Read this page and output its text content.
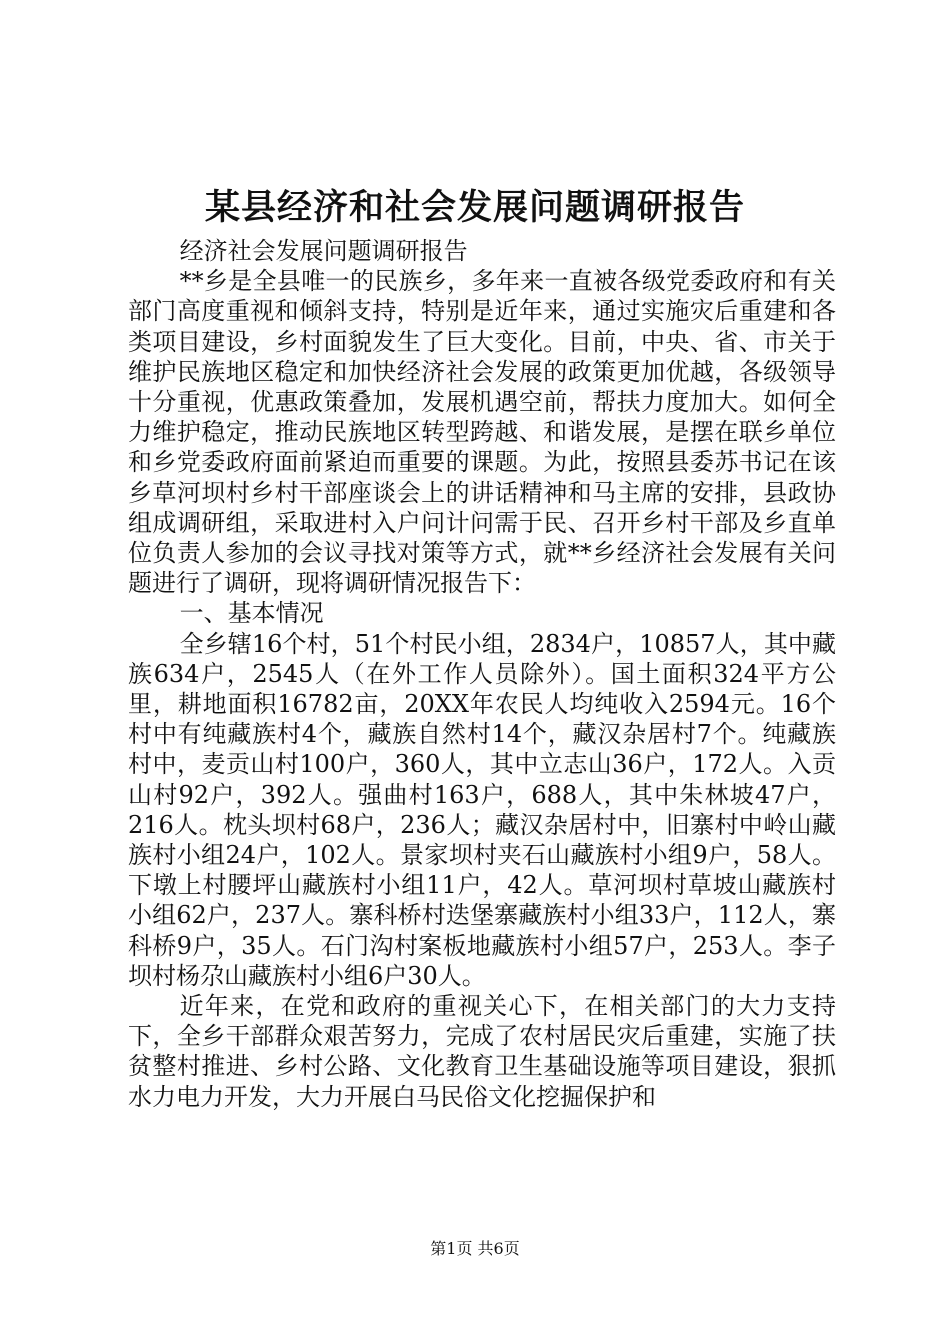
某县经济和社会发展问题调研报告

经济社会发展问题调研报告

**乡是全县唯一的民族乡，多年来一直被各级党委政府和有关部门高度重视和倾斜支持，特别是近年来，通过实施灾后重建和各类项目建设，乡村面貌发生了巨大变化。目前，中央、省、市关于维护民族地区稳定和加快经济社会发展的政策更加优越，各级领导十分重视，优惠政策叠加，发展机遇空前，帮扶力度加大。如何全力维护稳定，推动民族地区转型跨越、和谐发展，是摆在联乡单位和乡党委政府面前紧迫而重要的课题。为此，按照县委苏书记在该乡草河坝村乡村干部座谈会上的讲话精神和马主席的安排，县政协组成调研组，采取进村入户问计问需于民、召开乡村干部及乡直单位负责人参加的会议寻找对策等方式，就**乡经济社会发展有关问题进行了调研，现将调研情况报告下：

一、基本情况

全乡辖16个村，51个村民小组，2834户，10857人，其中藏族634户，2545人（在外工作人员除外）。国土面积324平方公里，耕地面积16782亩，20XX年农民人均纯收入2594元。16个村中有纯藏族村4个，藏族自然村14个，藏汉杂居村7个。纯藏族村中，麦贡山村100户，360人，其中立志山36户，172人。入贡山村92户，392人。强曲村163户，688人，其中朱林坡47户，216人。枕头坝村68户，236人；藏汉杂居村中，旧寨村中岭山藏族村小组24户，102人。景家坝村夹石山藏族村小组9户，58人。下墩上村腰坪山藏族村小组11户，42人。草河坝村草坡山藏族村小组62户，237人。寨科桥村迭堡寨藏族村小组33户，112人，寨科桥9户，35人。石门沟村案板地藏族村小组57户，253人。李子坝村杨尕山藏族村小组6户30人。

近年来，在党和政府的重视关心下，在相关部门的大力支持下，全乡干部群众艰苦努力，完成了农村居民灾后重建，实施了扶贫整村推进、乡村公路、文化教育卫生基础设施等项目建设，狠抓水力电力开发，大力开展白马民俗文化挖掘保护和

第1页 共6页
